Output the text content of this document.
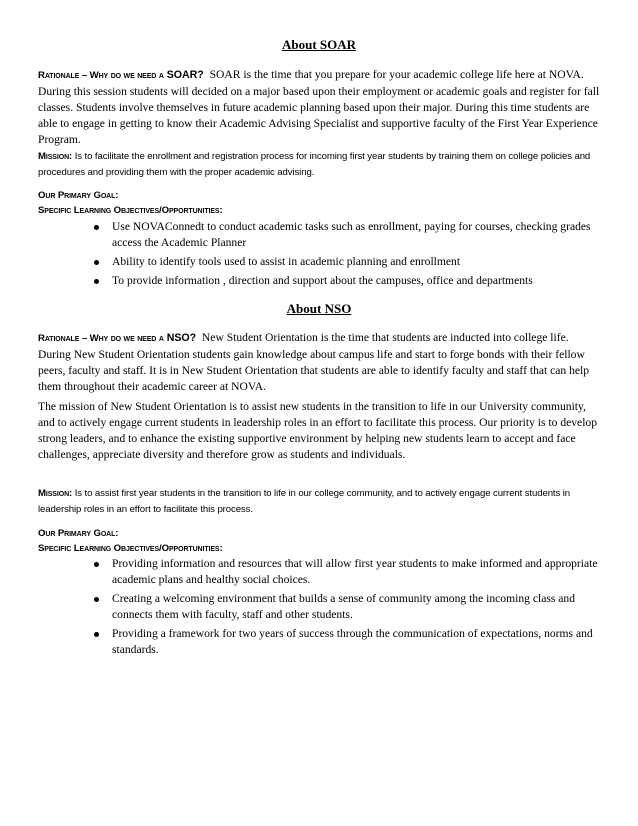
About SOAR

Rationale – Why do we need a SOAR? SOAR is the time that you prepare for your academic college life here at NOVA. During this session students will decided on a major based upon their employment or academic goals and register for fall classes. Students involve themselves in future academic planning based upon their major. During this time students are able to engage in getting to know their Academic Advising Specialist and supportive faculty of the First Year Experience Program.

Mission: Is to facilitate the enrollment and registration process for incoming first year students by training them on college policies and procedures and providing them with the proper academic advising.

Our Primary Goal:
Specific Learning Objectives/Opportunities:
Use NOVAConnedt to conduct academic tasks such as enrollment, paying for courses, checking grades access the Academic Planner
Ability to identify tools used to assist in academic planning and enrollment
To provide information , direction and support about the campuses, office and departments
About NSO

Rationale – Why do we need a NSO? New Student Orientation is the time that students are inducted into college life. During New Student Orientation students gain knowledge about campus life and start to forge bonds with their fellow peers, faculty and staff. It is in New Student Orientation that students are able to identify faculty and staff that can help them throughout their academic career at NOVA.

The mission of New Student Orientation is to assist new students in the transition to life in our University community, and to actively engage current students in leadership roles in an effort to facilitate this process. Our priority is to develop strong leaders, and to enhance the existing supportive environment by helping new students learn to accept and face challenges, appreciate diversity and therefore grow as students and individuals.

Mission: Is to assist first year students in the transition to life in our college community, and to actively engage current students in leadership roles in an effort to facilitate this process.

Our Primary Goal:
Specific Learning Objectives/Opportunities:
Providing information and resources that will allow first year students to make informed and appropriate academic plans and healthy social choices.
Creating a welcoming environment that builds a sense of community among the incoming class and connects them with faculty, staff and other students.
Providing a framework for two years of success through the communication of expectations, norms and standards.
